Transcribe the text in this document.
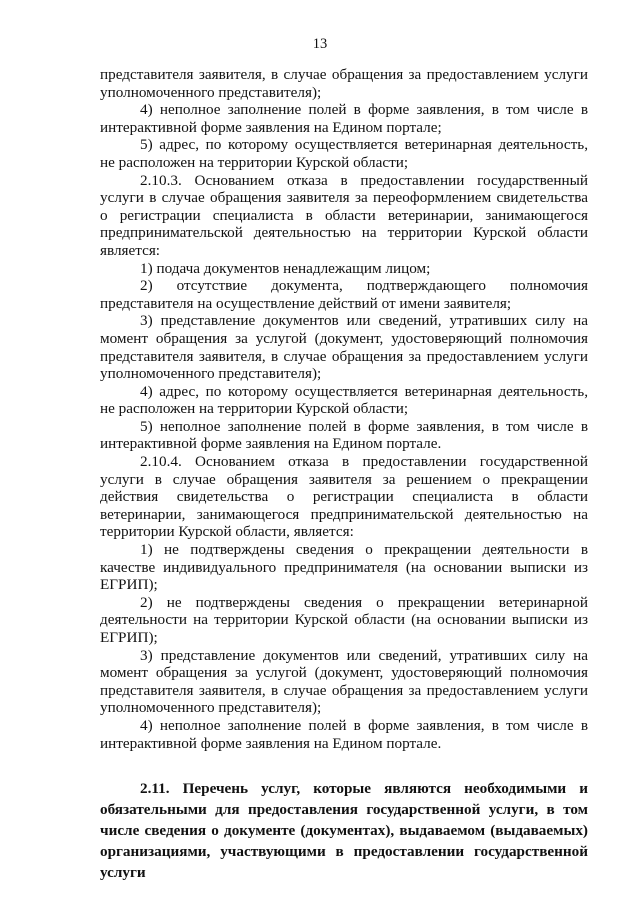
13

представителя заявителя, в случае обращения за предоставлением услуги уполномоченного представителя);

4) неполное заполнение полей в форме заявления, в том числе в интерактивной форме заявления на Едином портале;

5) адрес, по которому осуществляется ветеринарная деятельность, не расположен на территории Курской области;

2.10.3. Основанием отказа в предоставлении государственный услуги в случае обращения заявителя за переоформлением свидетельства о регистрации специалиста в области ветеринарии, занимающегося предпринимательской деятельностью на территории Курской области является:

1) подача документов ненадлежащим лицом;

2) отсутствие документа, подтверждающего полномочия представителя на осуществление действий от имени заявителя;

3) представление документов или сведений, утративших силу на момент обращения за услугой (документ, удостоверяющий полномочия представителя заявителя, в случае обращения за предоставлением услуги уполномоченного представителя);

4) адрес, по которому осуществляется ветеринарная деятельность, не расположен на территории Курской области;

5) неполное заполнение полей в форме заявления, в том числе в интерактивной форме заявления на Едином портале.

2.10.4. Основанием отказа в предоставлении государственной услуги в случае обращения заявителя за решением о прекращении действия свидетельства о регистрации специалиста в области ветеринарии, занимающегося предпринимательской деятельностью на территории Курской области, является:

1) не подтверждены сведения о прекращении деятельности в качестве индивидуального предпринимателя (на основании выписки из ЕГРИП);

2) не подтверждены сведения о прекращении ветеринарной деятельности на территории Курской области (на основании выписки из ЕГРИП);

3) представление документов или сведений, утративших силу на момент обращения за услугой (документ, удостоверяющий полномочия представителя заявителя, в случае обращения за предоставлением услуги уполномоченного представителя);

4) неполное заполнение полей в форме заявления, в том числе в интерактивной форме заявления на Едином портале.

2.11. Перечень услуг, которые являются необходимыми и обязательными для предоставления государственной услуги, в том числе сведения о документе (документах), выдаваемом (выдаваемых) организациями, участвующими в предоставлении государственной услуги
